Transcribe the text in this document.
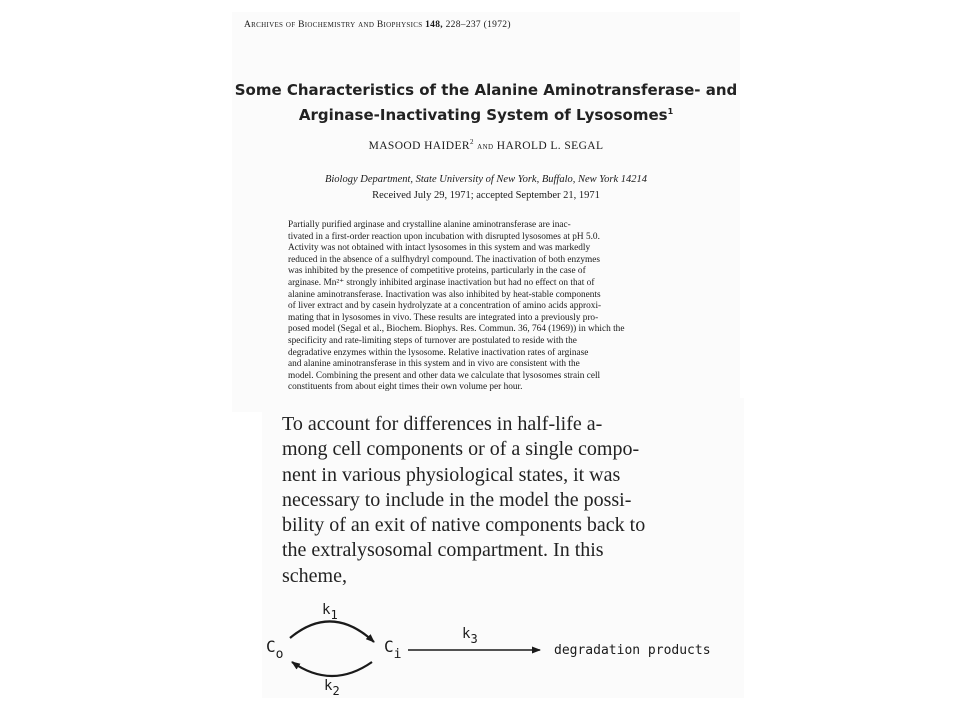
Archives of Biochemistry and Biophysics 148, 228–237 (1972)
Some Characteristics of the Alanine Aminotransferase- and
Arginase-Inactivating System of Lysosomes$^1$
MASOOD HAIDER$^2$ and HAROLD L. SEGAL
Biology Department, State University of New York, Buffalo, New York 14214
Received July 29, 1971; accepted September 21, 1971
Partially purified arginase and crystalline alanine aminotransferase are inac-
tivated in a first-order reaction upon incubation with disrupted lysosomes at pH 5.0.
Activity was not obtained with intact lysosomes in this system and was markedly
reduced in the absence of a sulfhydryl compound. The inactivation of both enzymes
was inhibited by the presence of competitive proteins, particularly in the case of
arginase. Mn²⁺ strongly inhibited arginase inactivation but had no effect on that of
alanine aminotransferase. Inactivation was also inhibited by heat-stable components
of liver extract and by casein hydrolyzate at a concentration of amino acids approxi-
mating that in lysosomes in vivo. These results are integrated into a previously pro-
posed model (Segal et al., Biochem. Biophys. Res. Commun. 36, 764 (1969)) in which the
specificity and rate-limiting steps of turnover are postulated to reside with the
degradative enzymes within the lysosome. Relative inactivation rates of arginase
and alanine aminotransferase in this system and in vivo are consistent with the
model. Combining the present and other data we calculate that lysosomes strain cell
constituents from about eight times their own volume per hour.
To account for differences in half-life a-
mong cell components or of a single compo-
nent in various physiological states, it was
necessary to include in the model the possi-
bility of an exit of native components back to
the extralysosomal compartment. In this
scheme,
$C_o$	$C_i$
k1
k2
k3
degradation products
